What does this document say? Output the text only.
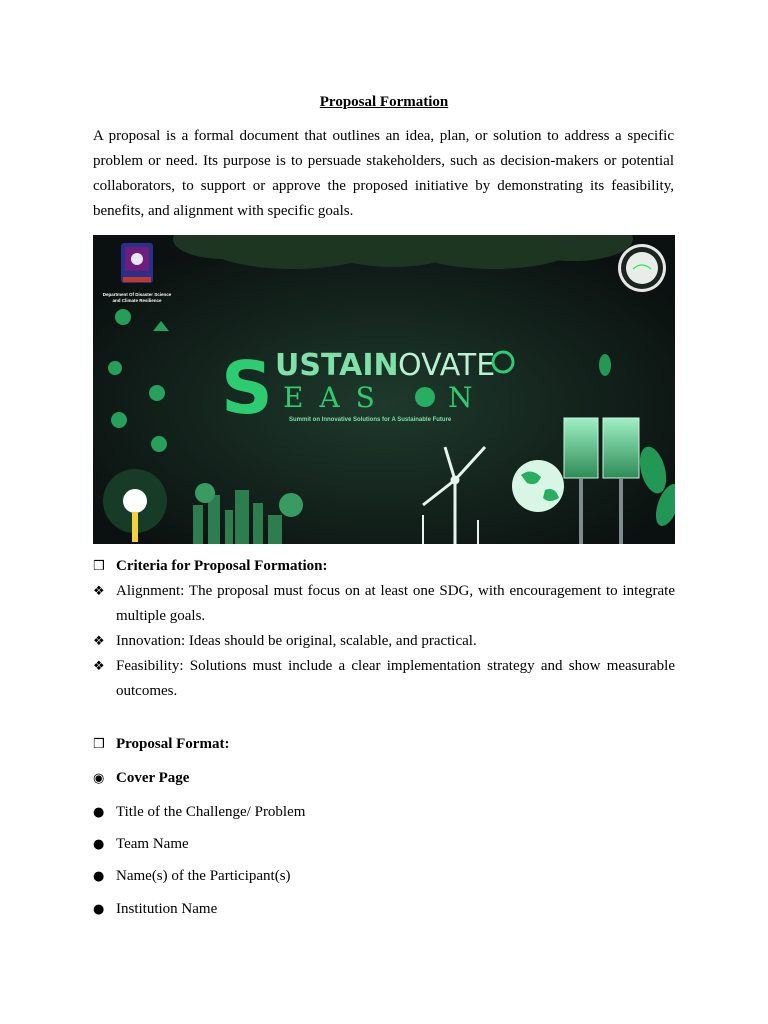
Proposal Formation

A proposal is a formal document that outlines an idea, plan, or solution to address a specific problem or need. Its purpose is to persuade stakeholders, such as decision-makers or potential collaborators, to support or approve the proposed initiative by demonstrating its feasibility, benefits, and alignment with specific goals.

Department Of Disaster Science
and Climate Resilience
S USTAIN OVATE
EAS N
Summit on Innovative Solutions for A Sustainable Future
❒ Criteria for Proposal Formation:
❖ Alignment: The proposal must focus on at least one SDG, with encouragement to integrate multiple goals.
❖ Innovation: Ideas should be original, scalable, and practical.
❖ Feasibility: Solutions must include a clear implementation strategy and show measurable outcomes.
❒ Proposal Format:
◉ Cover Page
● Title of the Challenge/ Problem
● Team Name
● Name(s) of the Participant(s)
● Institution Name
